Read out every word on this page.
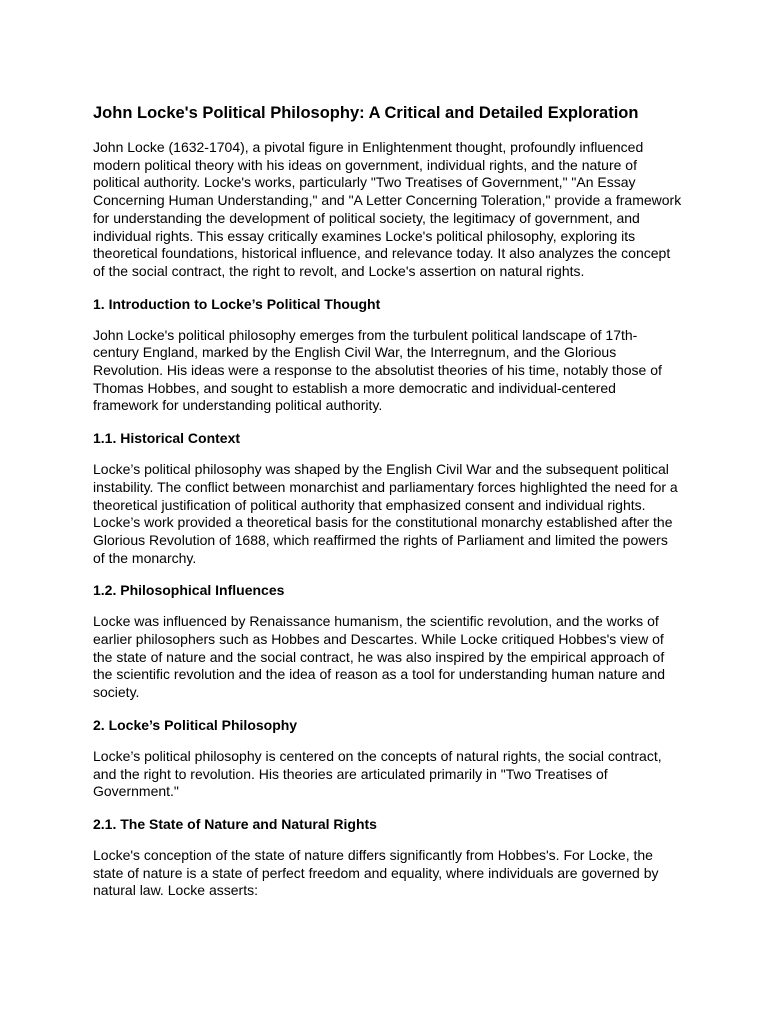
John Locke's Political Philosophy: A Critical and Detailed Exploration

John Locke (1632-1704), a pivotal figure in Enlightenment thought, profoundly influenced modern political theory with his ideas on government, individual rights, and the nature of political authority. Locke's works, particularly "Two Treatises of Government," "An Essay Concerning Human Understanding," and "A Letter Concerning Toleration," provide a framework for understanding the development of political society, the legitimacy of government, and individual rights. This essay critically examines Locke's political philosophy, exploring its theoretical foundations, historical influence, and relevance today. It also analyzes the concept of the social contract, the right to revolt, and Locke's assertion on natural rights.

1. Introduction to Locke’s Political Thought

John Locke's political philosophy emerges from the turbulent political landscape of 17th-century England, marked by the English Civil War, the Interregnum, and the Glorious Revolution. His ideas were a response to the absolutist theories of his time, notably those of Thomas Hobbes, and sought to establish a more democratic and individual-centered framework for understanding political authority.

1.1. Historical Context

Locke’s political philosophy was shaped by the English Civil War and the subsequent political instability. The conflict between monarchist and parliamentary forces highlighted the need for a theoretical justification of political authority that emphasized consent and individual rights. Locke’s work provided a theoretical basis for the constitutional monarchy established after the Glorious Revolution of 1688, which reaffirmed the rights of Parliament and limited the powers of the monarchy.

1.2. Philosophical Influences

Locke was influenced by Renaissance humanism, the scientific revolution, and the works of earlier philosophers such as Hobbes and Descartes. While Locke critiqued Hobbes's view of the state of nature and the social contract, he was also inspired by the empirical approach of the scientific revolution and the idea of reason as a tool for understanding human nature and society.

2. Locke’s Political Philosophy

Locke’s political philosophy is centered on the concepts of natural rights, the social contract, and the right to revolution. His theories are articulated primarily in "Two Treatises of Government."

2.1. The State of Nature and Natural Rights

Locke's conception of the state of nature differs significantly from Hobbes's. For Locke, the state of nature is a state of perfect freedom and equality, where individuals are governed by natural law. Locke asserts:
